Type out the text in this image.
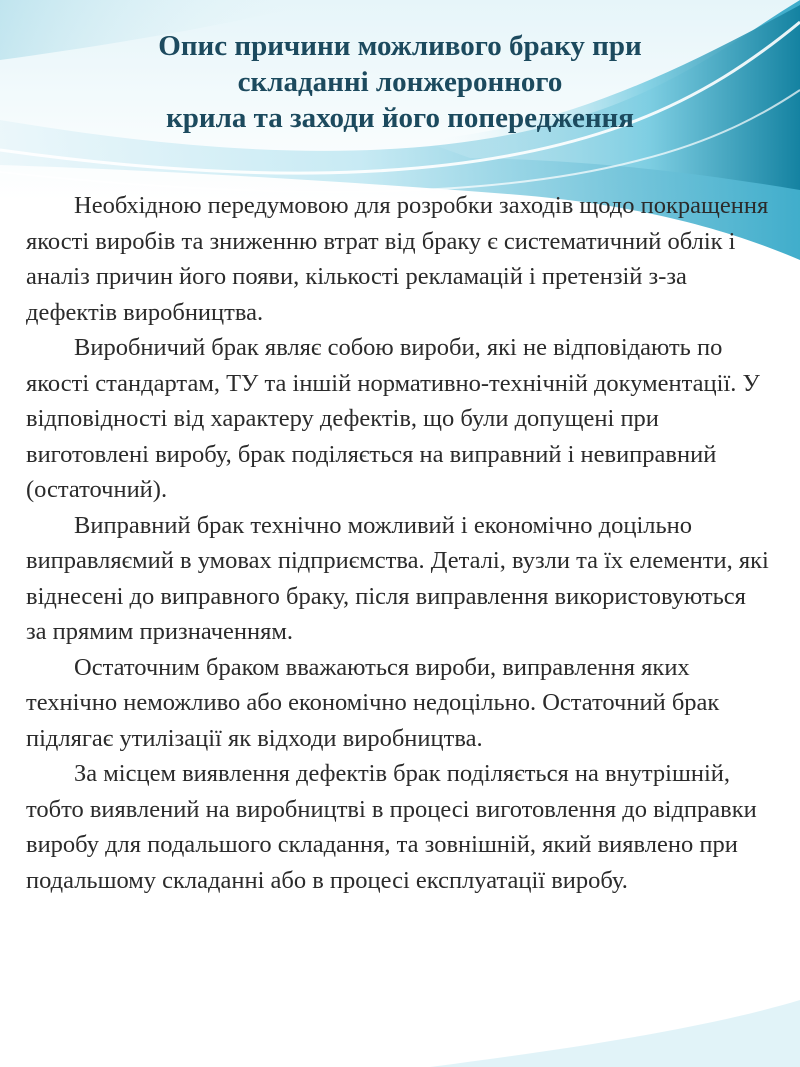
Опис причини можливого браку при
складанні лонжеронного
крила та заходи його попередження

Необхідною передумовою для розробки заходів щодо покращення якості виробів та зниженню втрат від браку є систематичний облік і аналіз причин його появи, кількості рекламацій і претензій з-за дефектів виробництва.

Виробничий брак являє собою вироби, які не відповідають по якості стандартам, ТУ та іншій нормативно-технічній документації. У відповідності від характеру дефектів, що були допущені при виготовлені виробу, брак поділяється на виправний і невиправний (остаточний).

Виправний брак технічно можливий і економічно доцільно виправляємий в умовах підприємства. Деталі, вузли та їх елементи, які віднесені до виправного браку, після виправлення використовуються за прямим призначенням.

Остаточним браком вважаються вироби, виправлення яких технічно неможливо або економічно недоцільно. Остаточний брак підлягає утилізації як відходи виробництва.

За місцем виявлення дефектів брак поділяється на внутрішній, тобто виявлений на виробництві в процесі виготовлення до відправки виробу для подальшого складання, та зовнішній, який виявлено при подальшому складанні або в процесі експлуатації виробу.
